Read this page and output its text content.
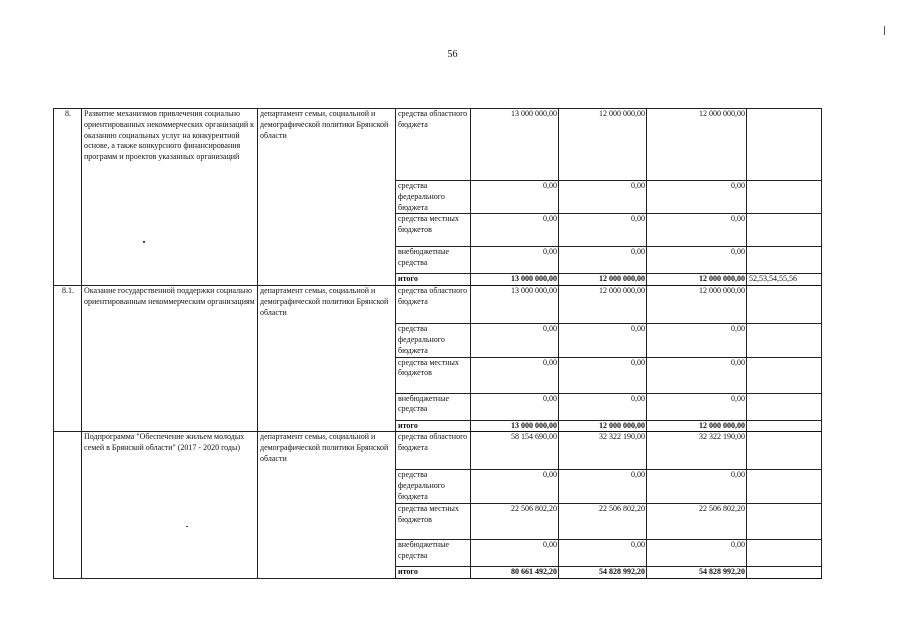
56
8.	Развитие механизмов привлечения социально ориентированных некоммерческих организаций к оказанию социальных услуг на конкурентной основе, а также конкурсного финансирования программ и проектов указанных организаций	департамент семьи, социальной и демографической политики Брянской области	средства областного бюджета	13 000 000,00	12 000 000,00	12 000 000,00	
			средства федерального бюджета	0,00	0,00	0,00	
			средства местных бюджетов	0,00	0,00	0,00	
			внебюджетные средства	0,00	0,00	0,00	
			итого	13 000 000,00	12 000 000,00	12 000 000,00	52,53,54,55,56
8.1.	Оказание государственной поддержки социально ориентированным некоммерческим организациям	департамент семьи, социальной и демографической политики Брянской области	средства областного бюджета	13 000 000,00	12 000 000,00	12 000 000,00	
			средства федерального бюджета	0,00	0,00	0,00	
			средства местных бюджетов	0,00	0,00	0,00	
			внебюджетные средства	0,00	0,00	0,00	
			итого	13 000 000,00	12 000 000,00	12 000 000,00	
	Подпрограмма "Обеспечение жильем молодых семей в Брянской области" (2017 - 2020 годы)	департамент семьи, социальной и демографической политики Брянской области	средства областного бюджета	58 154 690,00	32 322 190,00	32 322 190,00	
			средства федерального бюджета	0,00	0,00	0,00	
			средства местных бюджетов	22 506 802,20	22 506 802,20	22 506 802,20	
			внебюджетные средства	0,00	0,00	0,00	
			итого	80 661 492,20	54 828 992,20	54 828 992,20	
